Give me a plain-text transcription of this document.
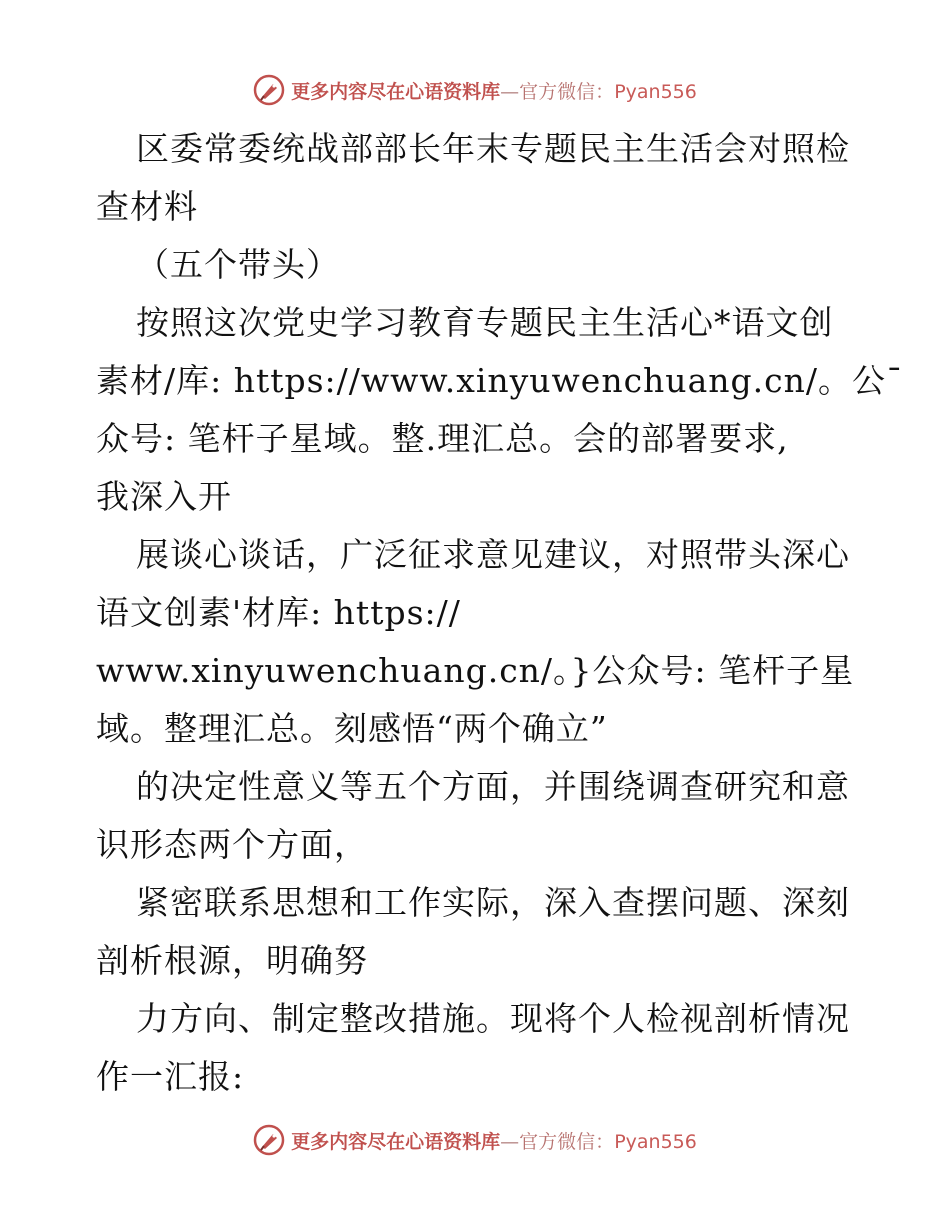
更多内容尽在心语资料库—官方微信：Pyan556
区委常委统战部部长年末专题民主生活会对照检
查材料
（五个带头）
按照这次党史学习教育专题民主生活心*语文创
素材/库: https://www.xinyuwenchuang.cn/。公¯
众号: 笔杆子星域。整.理汇总。会的部署要求,
我深入开
展谈心谈话，广泛征求意见建议，对照带头深心
语文创素'材库: https://
www.xinyuwenchuang.cn/。}公众号: 笔杆子星
域。整理汇总。刻感悟“两个确立”
的决定性意义等五个方面，并围绕调查研究和意
识形态两个方面，
紧密联系思想和工作实际，深入查摆问题、深刻
剖析根源，明确努
力方向、制定整改措施。现将个人检视剖析情况
作一汇报:
更多内容尽在心语资料库—官方微信：Pyan556
